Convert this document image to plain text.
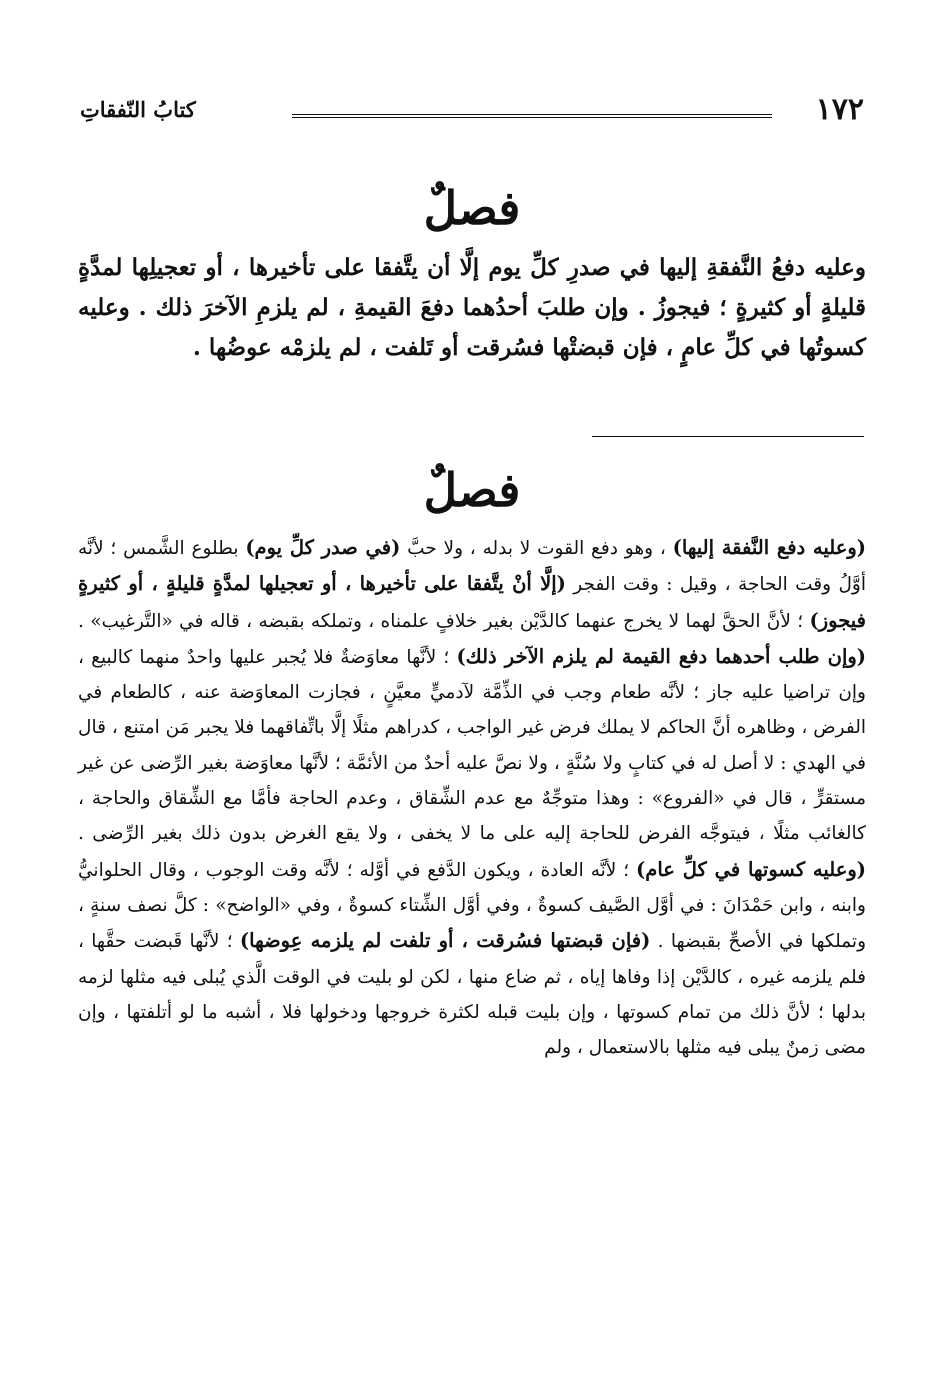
١٧٢
كتابُ النّفقاتِ
فصلٌ
وعليه دفعُ النَّفقةِ إليها في صدرِ كلِّ يوم إلَّا أن يتَّفقا على تأخيرها ، أو تعجيلِها لمدَّةٍ قليلةٍ أو كثيرةٍ ؛ فيجوزُ . وإن طلبَ أحدُهما دفعَ القيمةِ ، لم يلزمِ الآخرَ ذلك . وعليه كسوتُها في كلِّ عامٍ ، فإن قبضتْها فسُرقت أو تَلفت ، لم يلزمْه عوضُها .
فصلٌ
(وعليه دفع النَّفقة إليها) ، وهو دفع القوت لا بدله ، ولا حبَّ (في صدر كلِّ يوم) بطلوع الشَّمس ؛ لأنَّه أوَّلُ وقت الحاجة ، وقيل : وقت الفجر (إلَّا أنْ يتَّفقا على تأخيرها ، أو تعجيلها لمدَّةٍ قليلةٍ ، أو كثيرةٍ فيجوز) ؛ لأنَّ الحقَّ لهما لا يخرج عنهما كالدَّيْن بغير خلافٍ علمناه ، وتملكه بقبضه ، قاله في «التَّرغيب» . (وإن طلب أحدهما دفع القيمة لم يلزم الآخر ذلك) ؛ لأنَّها معاوَضةٌ فلا يُجبر عليها واحدٌ منهما كالبيع ، وإن تراضيا عليه جاز ؛ لأنَّه طعام وجب في الذِّمَّة لآدميٍّ معيَّنٍ ، فجازت المعاوَضة عنه ، كالطعام في الفرض ، وظاهره أنَّ الحاكم لا يملك فرض غير الواجب ، كدراهم مثلًا إلَّا باتِّفاقهما فلا يجبر مَن امتنع ، قال في الهدي : لا أصل له في كتابٍ ولا سُنَّةٍ ، ولا نصَّ عليه أحدٌ من الأئمَّة ؛ لأنَّها معاوَضة بغير الرِّضى عن غير مستقرٍّ ، قال في «الفروع» : وهذا متوجِّهٌ مع عدم الشِّقاق ، وعدم الحاجة فأمَّا مع الشِّقاق والحاجة ، كالغائب مثلًا ، فيتوجَّه الفرض للحاجة إليه على ما لا يخفى ، ولا يقع الغرض بدون ذلك بغير الرِّضى . (وعليه كسوتها في كلِّ عام) ؛ لأنَّه العادة ، ويكون الدَّفع في أوَّله ؛ لأنَّه وقت الوجوب ، وقال الحلوانيُّ وابنه ، وابن حَمْدَانَ : في أوَّل الصَّيف كسوةٌ ، وفي أوَّل الشِّتاء كسوةٌ ، وفي «الواضح» : كلَّ نصف سنةٍ ، وتملكها في الأصحِّ بقبضها . (فإن قبضتها فسُرقت ، أو تلفت لم يلزمه عِوضها) ؛ لأنَّها قَبضت حقَّها ، فلم يلزمه غيره ، كالدَّيْن إذا وفاها إياه ، ثم ضاع منها ، لكن لو بليت في الوقت الَّذي يُبلى فيه مثلها لزمه بدلها ؛ لأنَّ ذلك من تمام كسوتها ، وإن بليت قبله لكثرة خروجها ودخولها فلا ، أشبه ما لو أتلفتها ، وإن مضى زمنٌ يبلى فيه مثلها بالاستعمال ، ولم
